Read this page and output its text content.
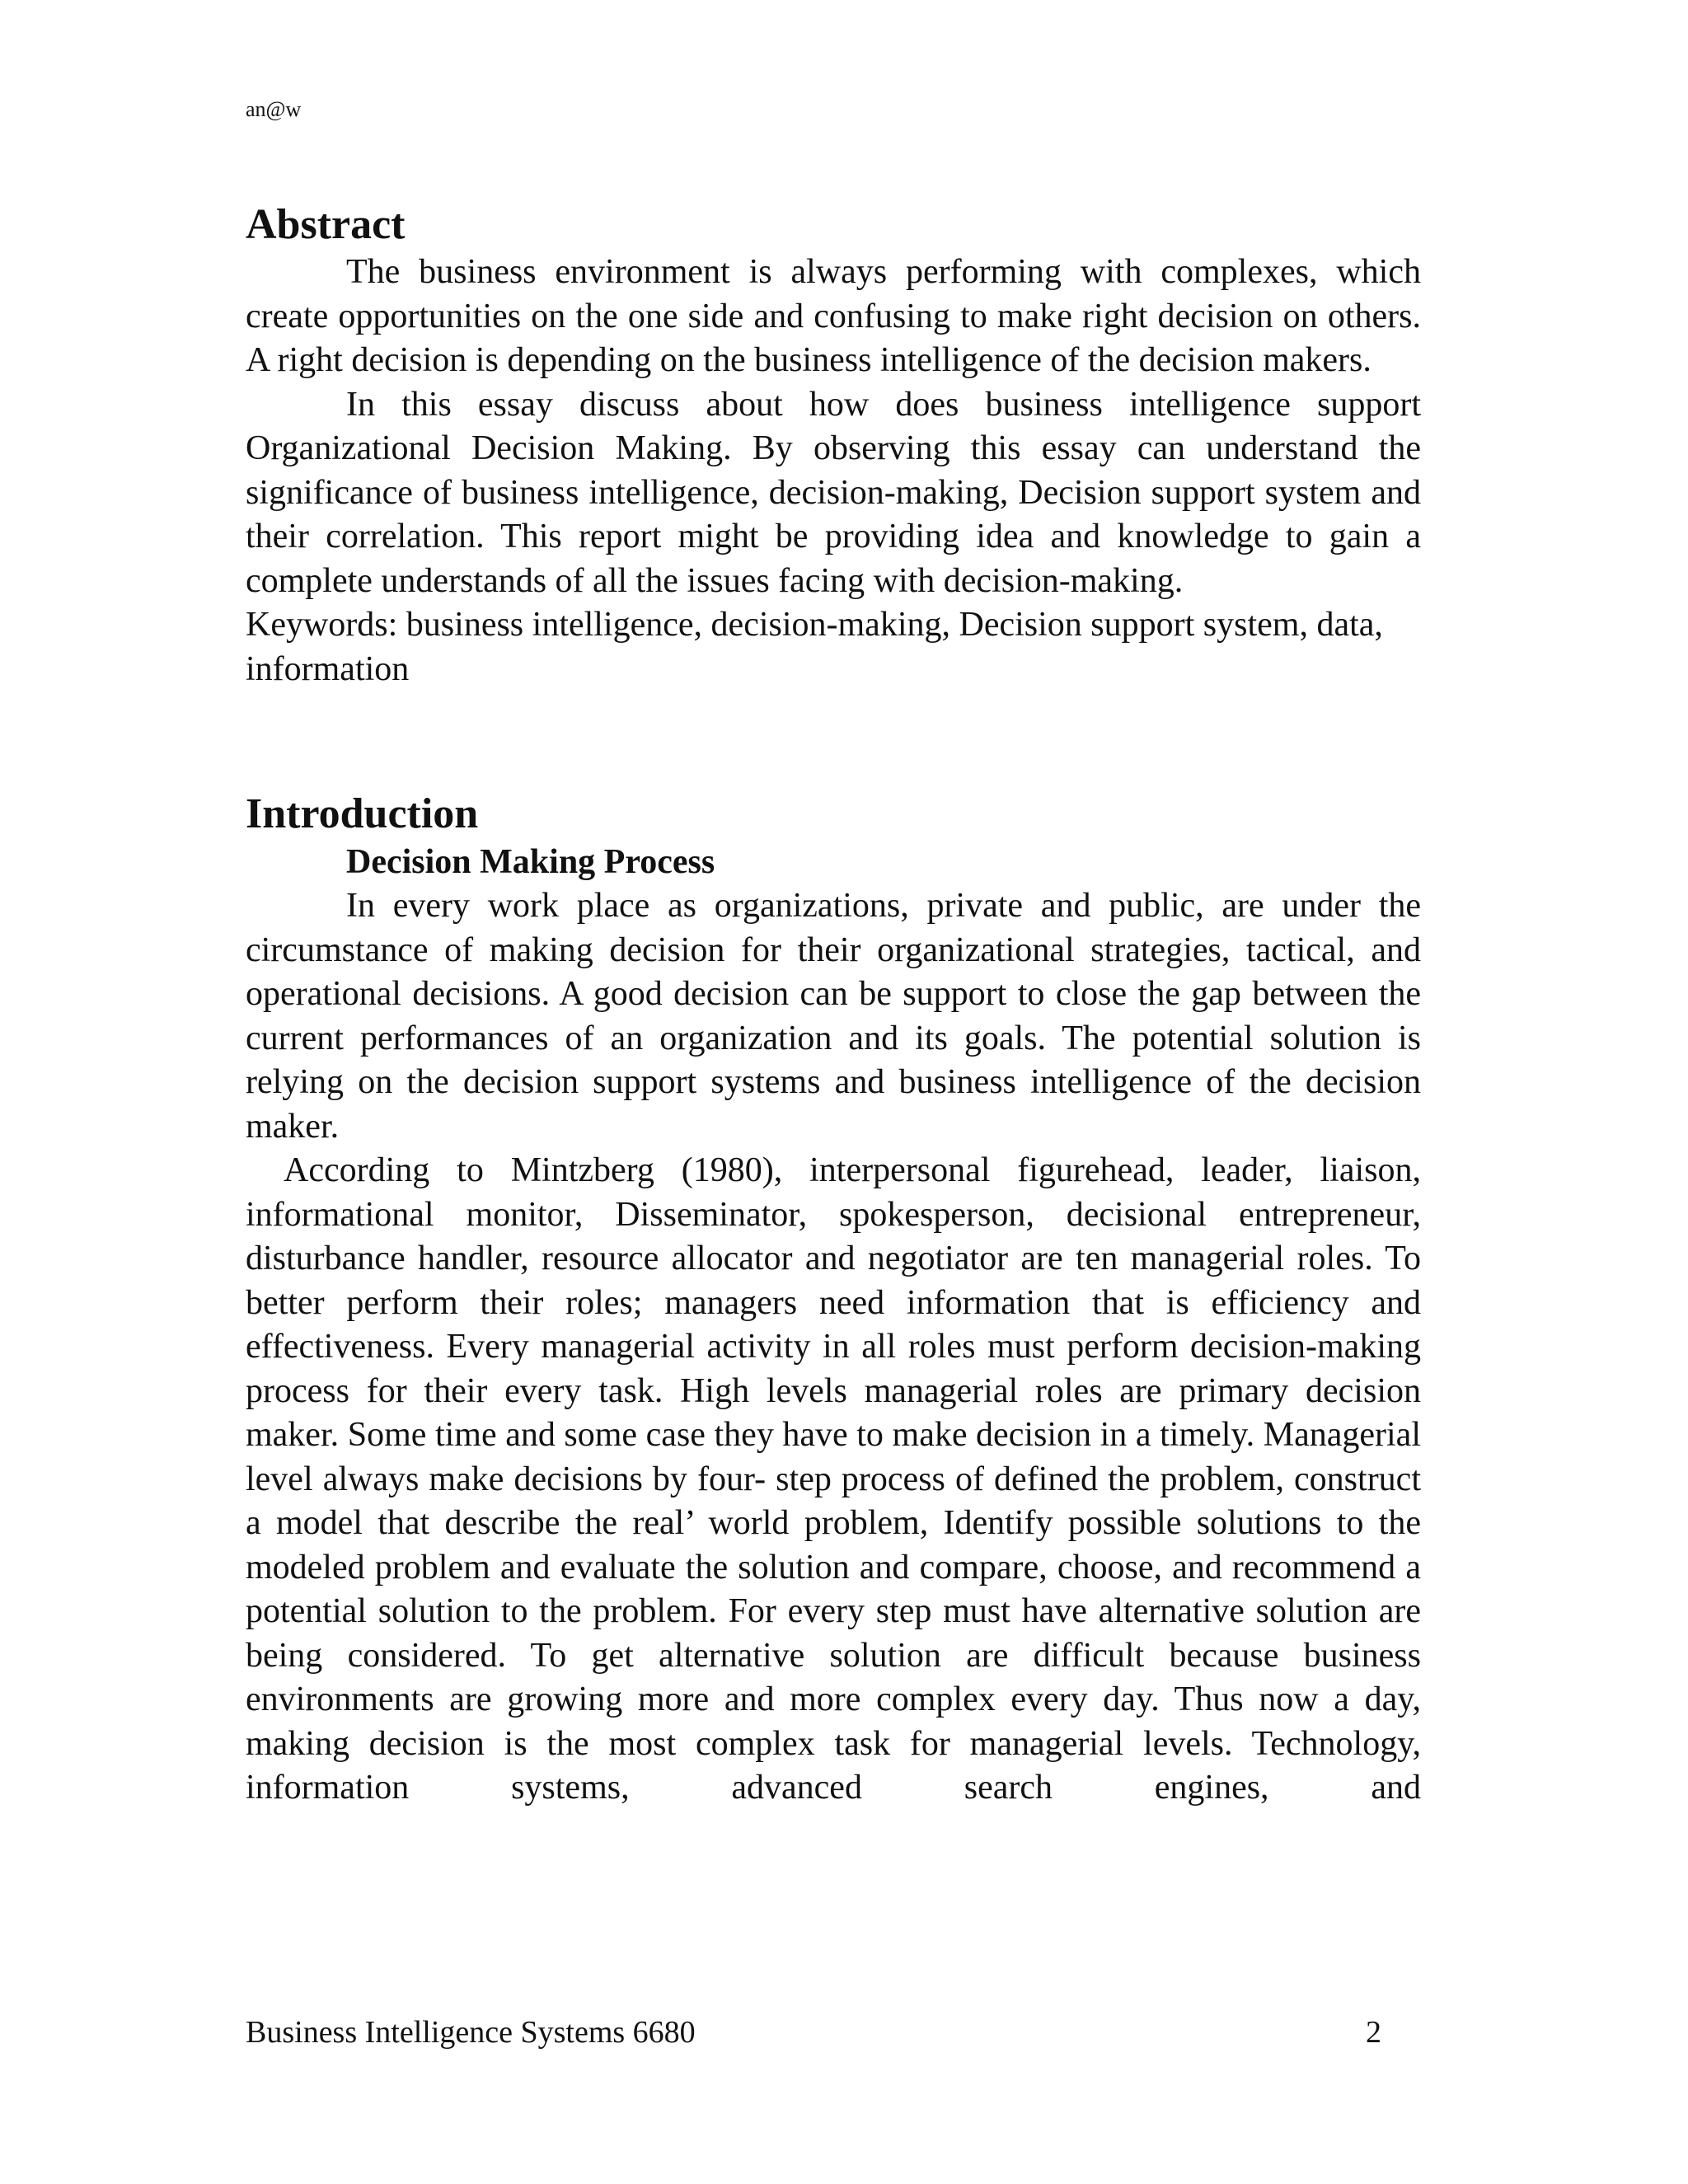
an@w
Abstract

The business environment is always performing with complexes, which create opportunities on the one side and confusing to make right decision on others. A right decision is depending on the business intelligence of the decision makers.

In this essay discuss about how does business intelligence support Organizational Decision Making. By observing this essay can understand the significance of business intelligence, decision-making, Decision support system and their correlation. This report might be providing idea and knowledge to gain a complete understands of all the issues facing with decision-making.

Keywords: business intelligence, decision-making, Decision support system, data, information

Introduction
Decision Making Process

In every work place as organizations, private and public, are under the circumstance of making decision for their organizational strategies, tactical, and operational decisions. A good decision can be support to close the gap between the current performances of an organization and its goals. The potential solution is relying on the decision support systems and business intelligence of the decision maker.

According to Mintzberg (1980), interpersonal figurehead, leader, liaison, informational monitor, Disseminator, spokesperson, decisional entrepreneur, disturbance handler, resource allocator and negotiator are ten managerial roles. To better perform their roles; managers need information that is efficiency and effectiveness. Every managerial activity in all roles must perform decision-making process for their every task. High levels managerial roles are primary decision maker. Some time and some case they have to make decision in a timely. Managerial level always make decisions by four- step process of defined the problem, construct a model that describe the real’ world problem, Identify possible solutions to the modeled problem and evaluate the solution and compare, choose, and recommend a potential solution to the problem. For every step must have alternative solution are being considered. To get alternative solution are difficult because business environments are growing more and more complex every day. Thus now a day, making decision is the most complex task for managerial levels. Technology, information systems, advanced search engines, and

Business Intelligence Systems 6680	2
